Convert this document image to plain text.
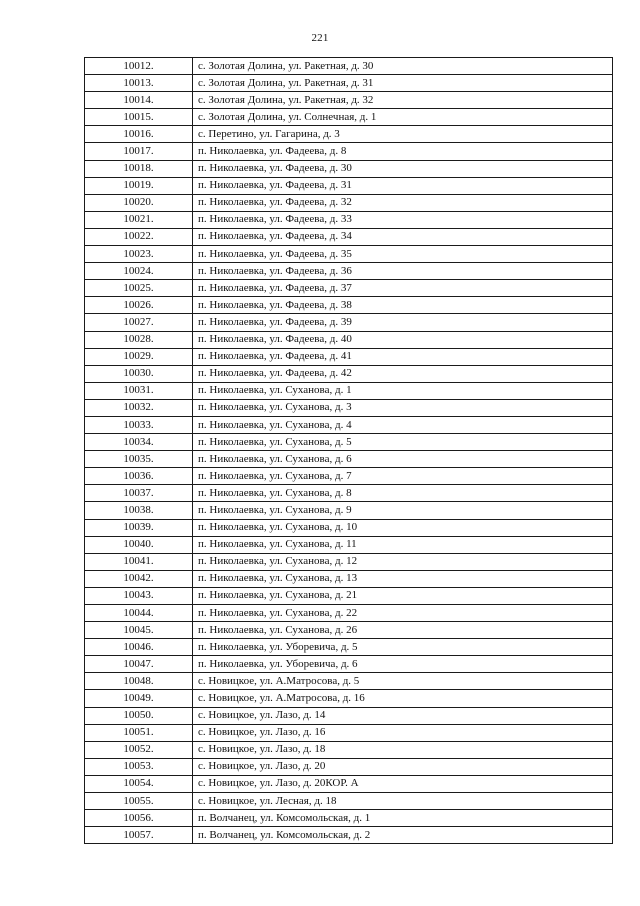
221
10012.	с. Золотая Долина, ул. Ракетная, д. 30
10013.	с. Золотая Долина, ул. Ракетная, д. 31
10014.	с. Золотая Долина, ул. Ракетная, д. 32
10015.	с. Золотая Долина, ул. Солнечная, д. 1
10016.	с. Перетино, ул. Гагарина, д. 3
10017.	п. Николаевка, ул. Фадеева, д. 8
10018.	п. Николаевка, ул. Фадеева, д. 30
10019.	п. Николаевка, ул. Фадеева, д. 31
10020.	п. Николаевка, ул. Фадеева, д. 32
10021.	п. Николаевка, ул. Фадеева, д. 33
10022.	п. Николаевка, ул. Фадеева, д. 34
10023.	п. Николаевка, ул. Фадеева, д. 35
10024.	п. Николаевка, ул. Фадеева, д. 36
10025.	п. Николаевка, ул. Фадеева, д. 37
10026.	п. Николаевка, ул. Фадеева, д. 38
10027.	п. Николаевка, ул. Фадеева, д. 39
10028.	п. Николаевка, ул. Фадеева, д. 40
10029.	п. Николаевка, ул. Фадеева, д. 41
10030.	п. Николаевка, ул. Фадеева, д. 42
10031.	п. Николаевка, ул. Суханова, д. 1
10032.	п. Николаевка, ул. Суханова, д. 3
10033.	п. Николаевка, ул. Суханова, д. 4
10034.	п. Николаевка, ул. Суханова, д. 5
10035.	п. Николаевка, ул. Суханова, д. 6
10036.	п. Николаевка, ул. Суханова, д. 7
10037.	п. Николаевка, ул. Суханова, д. 8
10038.	п. Николаевка, ул. Суханова, д. 9
10039.	п. Николаевка, ул. Суханова, д. 10
10040.	п. Николаевка, ул. Суханова, д. 11
10041.	п. Николаевка, ул. Суханова, д. 12
10042.	п. Николаевка, ул. Суханова, д. 13
10043.	п. Николаевка, ул. Суханова, д. 21
10044.	п. Николаевка, ул. Суханова, д. 22
10045.	п. Николаевка, ул. Суханова, д. 26
10046.	п. Николаевка, ул. Уборевича, д. 5
10047.	п. Николаевка, ул. Уборевича, д. 6
10048.	с. Новицкое, ул. А.Матросова, д. 5
10049.	с. Новицкое, ул. А.Матросова, д. 16
10050.	с. Новицкое, ул. Лазо, д. 14
10051.	с. Новицкое, ул. Лазо, д. 16
10052.	с. Новицкое, ул. Лазо, д. 18
10053.	с. Новицкое, ул. Лазо, д. 20
10054.	с. Новицкое, ул. Лазо, д. 20КОР. А
10055.	с. Новицкое, ул. Лесная, д. 18
10056.	п. Волчанец, ул. Комсомольская, д. 1
10057.	п. Волчанец, ул. Комсомольская, д. 2
